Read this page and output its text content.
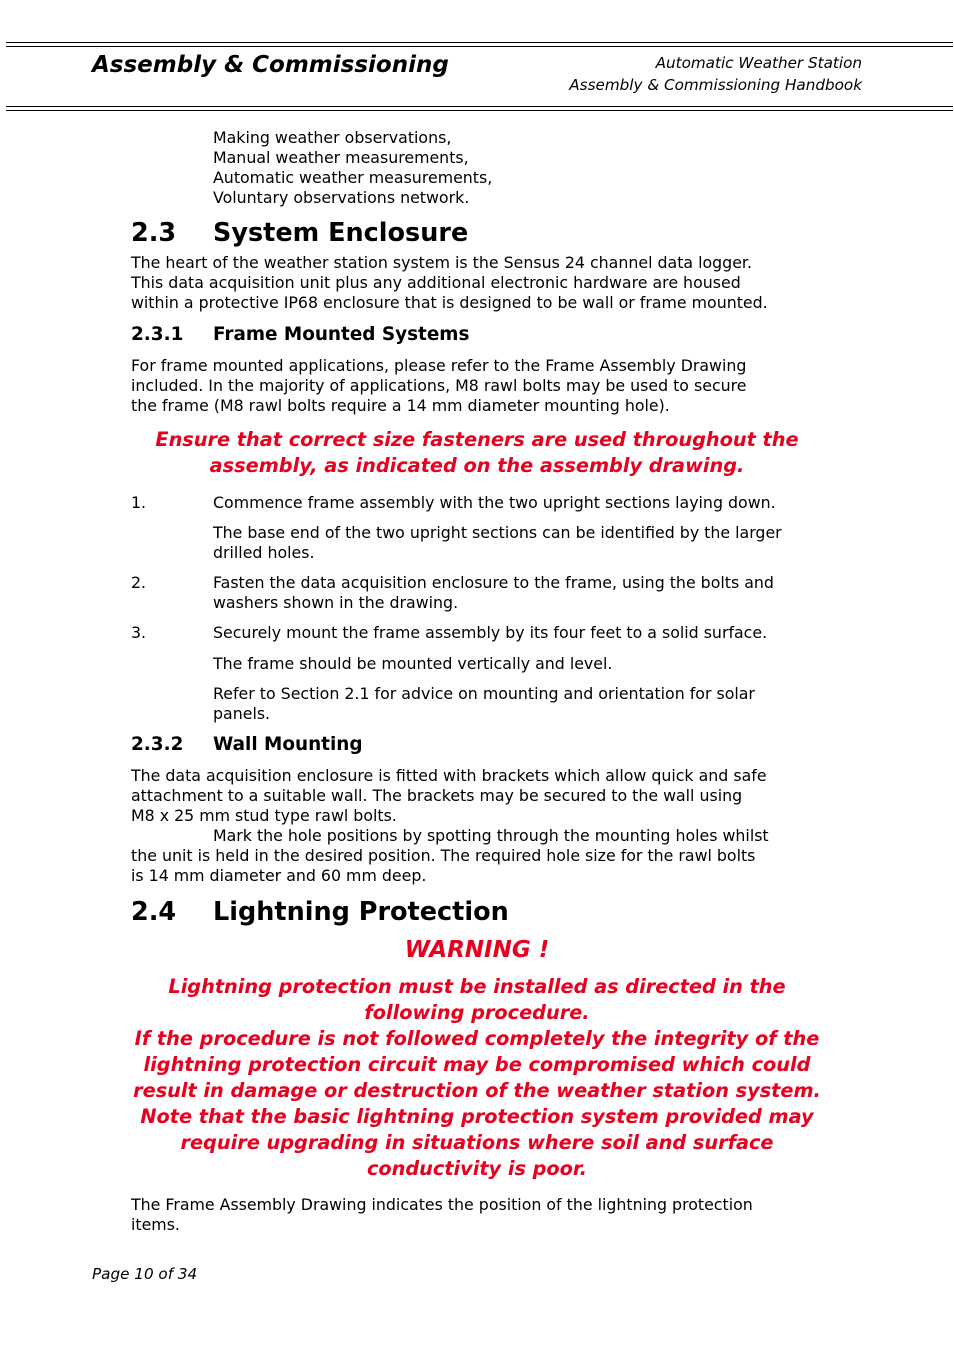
Assembly & Commissioning	Automatic Weather Station
Assembly & Commissioning Handbook
Making weather observations,
Manual weather measurements,
Automatic weather measurements,
Voluntary observations network.
2.3 System Enclosure
The heart of the weather station system is the Sensus 24 channel data logger.
This data acquisition unit plus any additional electronic hardware are housed
within a protective IP68 enclosure that is designed to be wall or frame mounted.
2.3.1 Frame Mounted Systems
For frame mounted applications, please refer to the Frame Assembly Drawing
included. In the majority of applications, M8 rawl bolts may be used to secure
the frame (M8 rawl bolts require a 14 mm diameter mounting hole).
Ensure that correct size fasteners are used throughout the
assembly, as indicated on the assembly drawing.
1.	Commence frame assembly with the two upright sections laying down.
The base end of the two upright sections can be identified by the larger
drilled holes.
2.	Fasten the data acquisition enclosure to the frame, using the bolts and
washers shown in the drawing.
3.	Securely mount the frame assembly by its four feet to a solid surface.
The frame should be mounted vertically and level.
Refer to Section 2.1 for advice on mounting and orientation for solar
panels.
2.3.2 Wall Mounting
The data acquisition enclosure is fitted with brackets which allow quick and safe
attachment to a suitable wall. The brackets may be secured to the wall using
M8 x 25 mm stud type rawl bolts.
Mark the hole positions by spotting through the mounting holes whilst
the unit is held in the desired position. The required hole size for the rawl bolts
is 14 mm diameter and 60 mm deep.
2.4 Lightning Protection
WARNING !
Lightning protection must be installed as directed in the
following procedure.
If the procedure is not followed completely the integrity of the
lightning protection circuit may be compromised which could
result in damage or destruction of the weather station system.
Note that the basic lightning protection system provided may
require upgrading in situations where soil and surface
conductivity is poor.
The Frame Assembly Drawing indicates the position of the lightning protection
items.
Page 10 of 34
